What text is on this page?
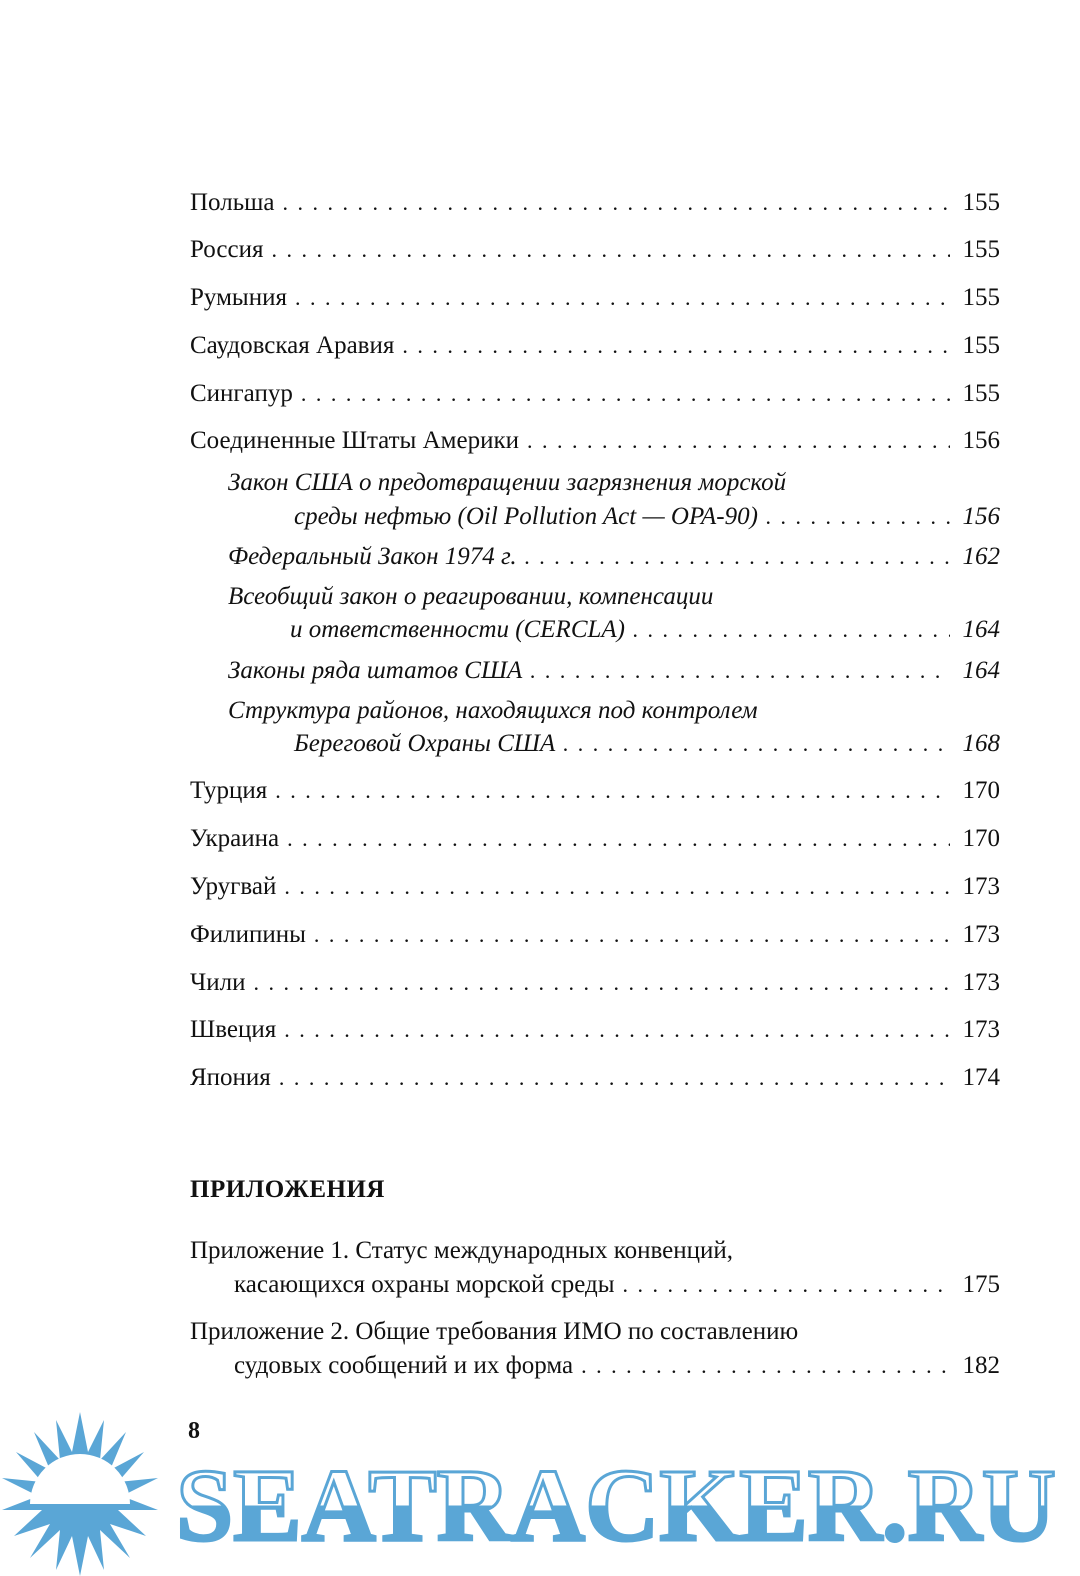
Польша . . .	155
Россия . . .	155
Румыния . . .	155
Саудовская Аравия . . .	155
Сингапур . . .	155
Соединенные Штаты Америки . . .	156
Закон США о предотвращении загрязнения морской
среды нефтью (Oil Pollution Act — OPA-90) . . .	156
Федеральный Закон 1974 г. . . .	162
Всеобщий закон о реагировании, компенсации
и ответственности (CERCLA) . . .	164
Законы ряда штатов США . . .	164
Структура районов, находящихся под контролем
Береговой Охраны США . . .	168
Турция . . .	170
Украина . . .	170
Уругвай . . .	173
Филипины . . .	173
Чили . . .	173
Швеция . . .	173
Япония . . .	174
Приложение 1. Статус международных конвенций,
касающихся охраны морской среды . . .	175
Приложение 2. Общие требования ИМО по составлению
судовых сообщений и их форма . . .	182
ПРИЛОЖЕНИЯ
SEATRACKER.RU
8
